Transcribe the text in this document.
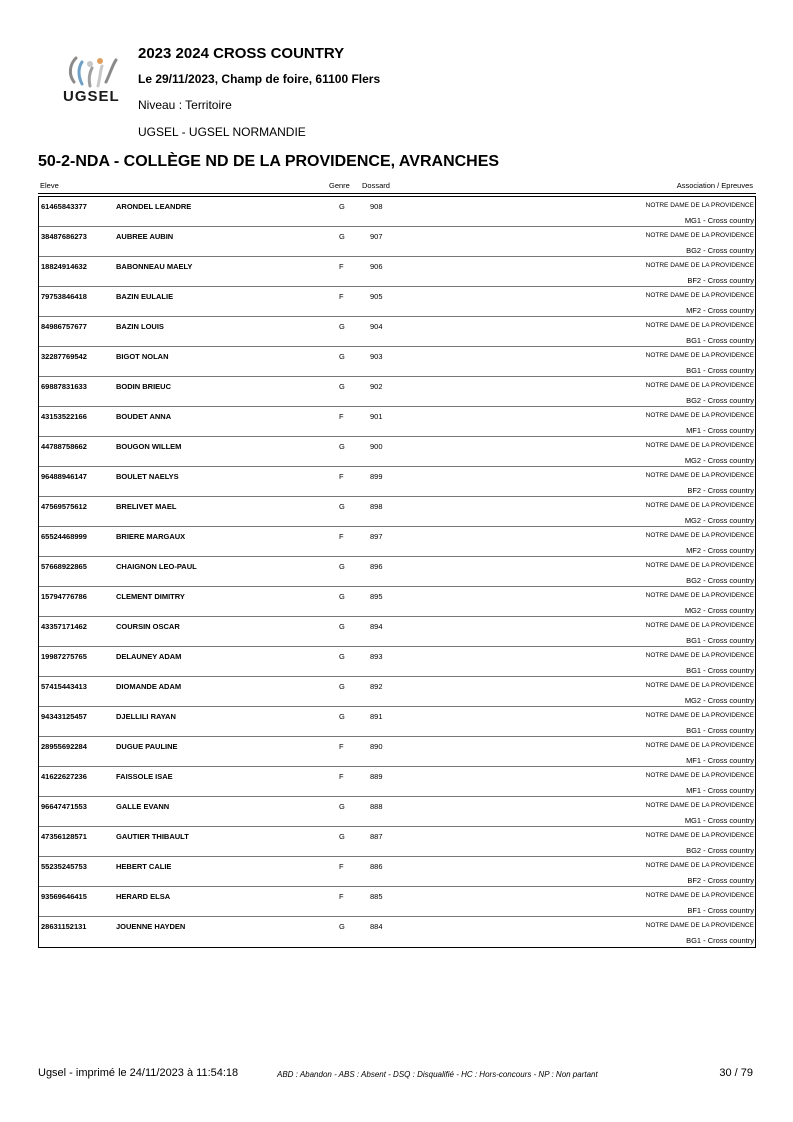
UGSEL
2023 2024 CROSS COUNTRY
Le 29/11/2023, Champ de foire, 61100 Flers
Niveau : Territoire
UGSEL - UGSEL NORMANDIE
50-2-NDA - COLLÈGE ND DE LA PROVIDENCE, AVRANCHES
Eleve	Genre Dossard	Association / Epreuves
61465843377	ARONDEL LEANDRE	G	908	NOTRE DAME DE LA PROVIDENCE
MG1 - Cross country
38487686273	AUBREE AUBIN	G	907	NOTRE DAME DE LA PROVIDENCE
BG2 - Cross country
18824914632	BABONNEAU MAELY	F	906	NOTRE DAME DE LA PROVIDENCE
BF2 - Cross country
79753846418	BAZIN EULALIE	F	905	NOTRE DAME DE LA PROVIDENCE
MF2 - Cross country
84986757677	BAZIN LOUIS	G	904	NOTRE DAME DE LA PROVIDENCE
BG1 - Cross country
32287769542	BIGOT NOLAN	G	903	NOTRE DAME DE LA PROVIDENCE
BG1 - Cross country
69887831633	BODIN BRIEUC	G	902	NOTRE DAME DE LA PROVIDENCE
BG2 - Cross country
43153522166	BOUDET ANNA	F	901	NOTRE DAME DE LA PROVIDENCE
MF1 - Cross country
44788758662	BOUGON WILLEM	G	900	NOTRE DAME DE LA PROVIDENCE
MG2 - Cross country
96488946147	BOULET NAELYS	F	899	NOTRE DAME DE LA PROVIDENCE
BF2 - Cross country
47569575612	BRELIVET MAEL	G	898	NOTRE DAME DE LA PROVIDENCE
MG2 - Cross country
65524468999	BRIERE MARGAUX	F	897	NOTRE DAME DE LA PROVIDENCE
MF2 - Cross country
57668922865	CHAIGNON LEO-PAUL	G	896	NOTRE DAME DE LA PROVIDENCE
BG2 - Cross country
15794776786	CLEMENT DIMITRY	G	895	NOTRE DAME DE LA PROVIDENCE
MG2 - Cross country
43357171462	COURSIN OSCAR	G	894	NOTRE DAME DE LA PROVIDENCE
BG1 - Cross country
19987275765	DELAUNEY ADAM	G	893	NOTRE DAME DE LA PROVIDENCE
BG1 - Cross country
57415443413	DIOMANDE ADAM	G	892	NOTRE DAME DE LA PROVIDENCE
MG2 - Cross country
94343125457	DJELLILI RAYAN	G	891	NOTRE DAME DE LA PROVIDENCE
BG1 - Cross country
28955692284	DUGUE PAULINE	F	890	NOTRE DAME DE LA PROVIDENCE
MF1 - Cross country
41622627236	FAISSOLE ISAE	F	889	NOTRE DAME DE LA PROVIDENCE
MF1 - Cross country
96647471553	GALLE EVANN	G	888	NOTRE DAME DE LA PROVIDENCE
MG1 - Cross country
47356128571	GAUTIER THIBAULT	G	887	NOTRE DAME DE LA PROVIDENCE
BG2 - Cross country
55235245753	HEBERT CALIE	F	886	NOTRE DAME DE LA PROVIDENCE
BF2 - Cross country
93569646415	HERARD ELSA	F	885	NOTRE DAME DE LA PROVIDENCE
BF1 - Cross country
28631152131	JOUENNE HAYDEN	G	884	NOTRE DAME DE LA PROVIDENCE
BG1 - Cross country
Ugsel - imprimé le 24/11/2023 à 11:54:18	ABD : Abandon - ABS : Absent - DSQ : Disqualifié - HC : Hors-concours - NP : Non partant	30 / 79
